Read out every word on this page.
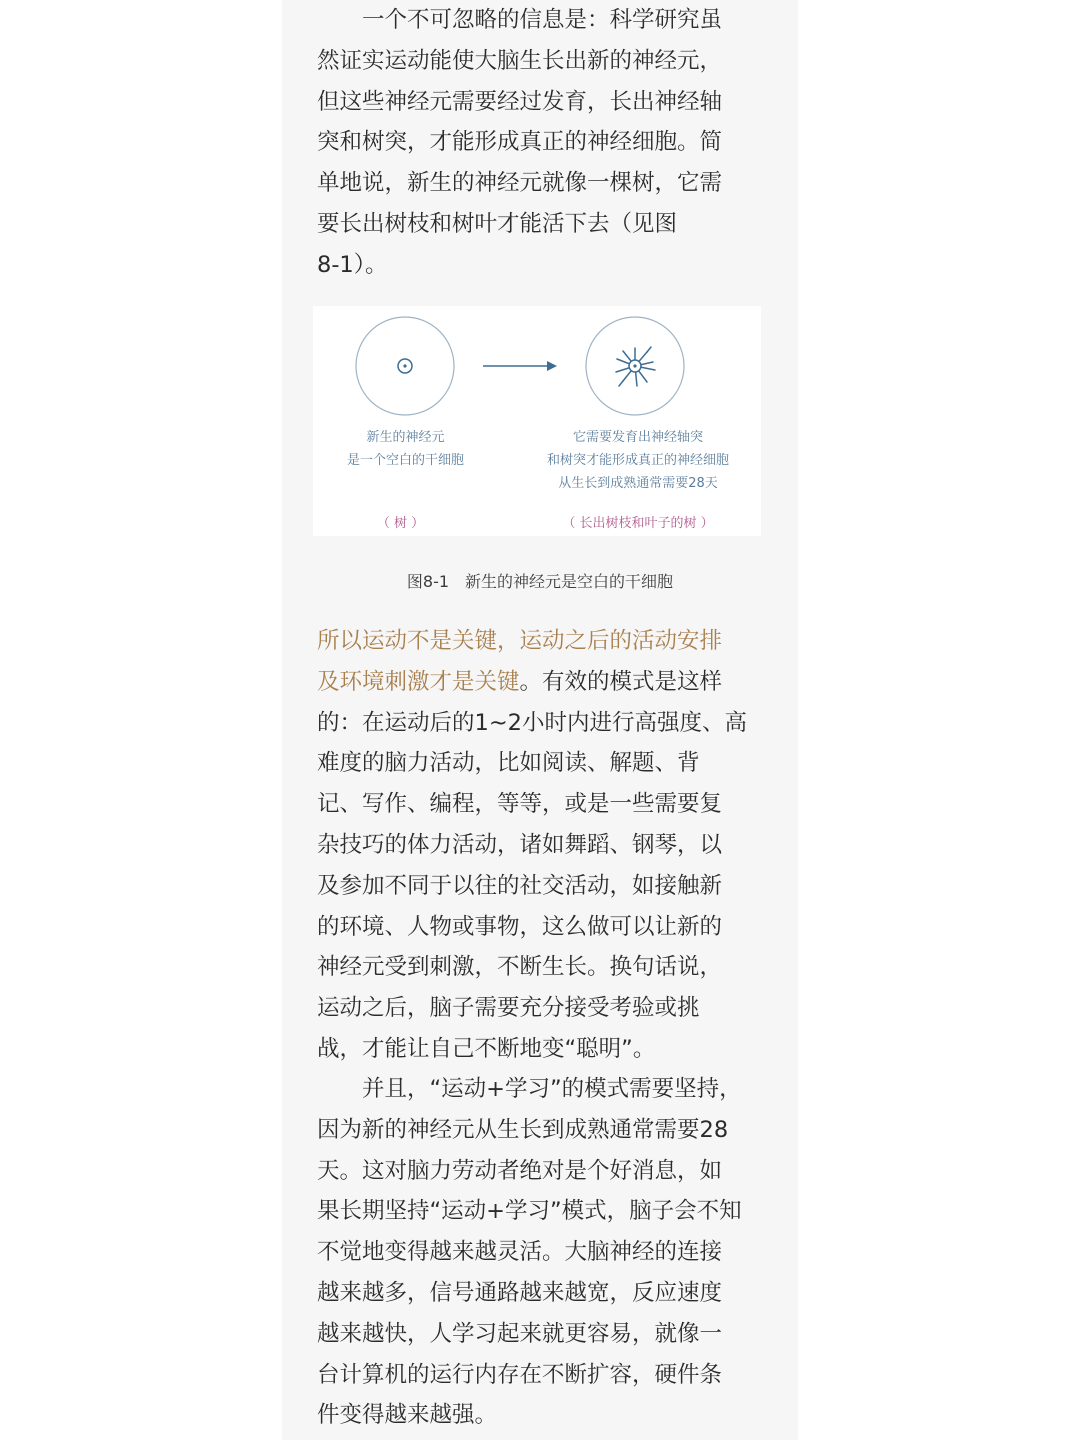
一个不可忽略的信息是：科学研究虽
然证实运动能使大脑生长出新的神经元，
但这些神经元需要经过发育，长出神经轴
突和树突，才能形成真正的神经细胞。简
单地说，新生的神经元就像一棵树，它需
要长出树枝和树叶才能活下去（见图
8-1）。
新生的神经元
是一个空白的干细胞
它需要发育出神经轴突
和树突才能形成真正的神经细胞
从生长到成熟通常需要28天
（ 树 ）	（ 长出树枝和叶子的树 ）
图8-1　新生的神经元是空白的干细胞
所以运动不是关键，运动之后的活动安排
及环境刺激才是关键。有效的模式是这样
的：在运动后的1~2小时内进行高强度、高
难度的脑力活动，比如阅读、解题、背
记、写作、编程，等等，或是一些需要复
杂技巧的体力活动，诸如舞蹈、钢琴，以
及参加不同于以往的社交活动，如接触新
的环境、人物或事物，这么做可以让新的
神经元受到刺激，不断生长。换句话说，
运动之后，脑子需要充分接受考验或挑
战，才能让自己不断地变“聪明”。
并且，“运动+学习”的模式需要坚持，
因为新的神经元从生长到成熟通常需要28
天。这对脑力劳动者绝对是个好消息，如
果长期坚持“运动+学习”模式，脑子会不知
不觉地变得越来越灵活。大脑神经的连接
越来越多，信号通路越来越宽，反应速度
越来越快，人学习起来就更容易，就像一
台计算机的运行内存在不断扩容，硬件条
件变得越来越强。
